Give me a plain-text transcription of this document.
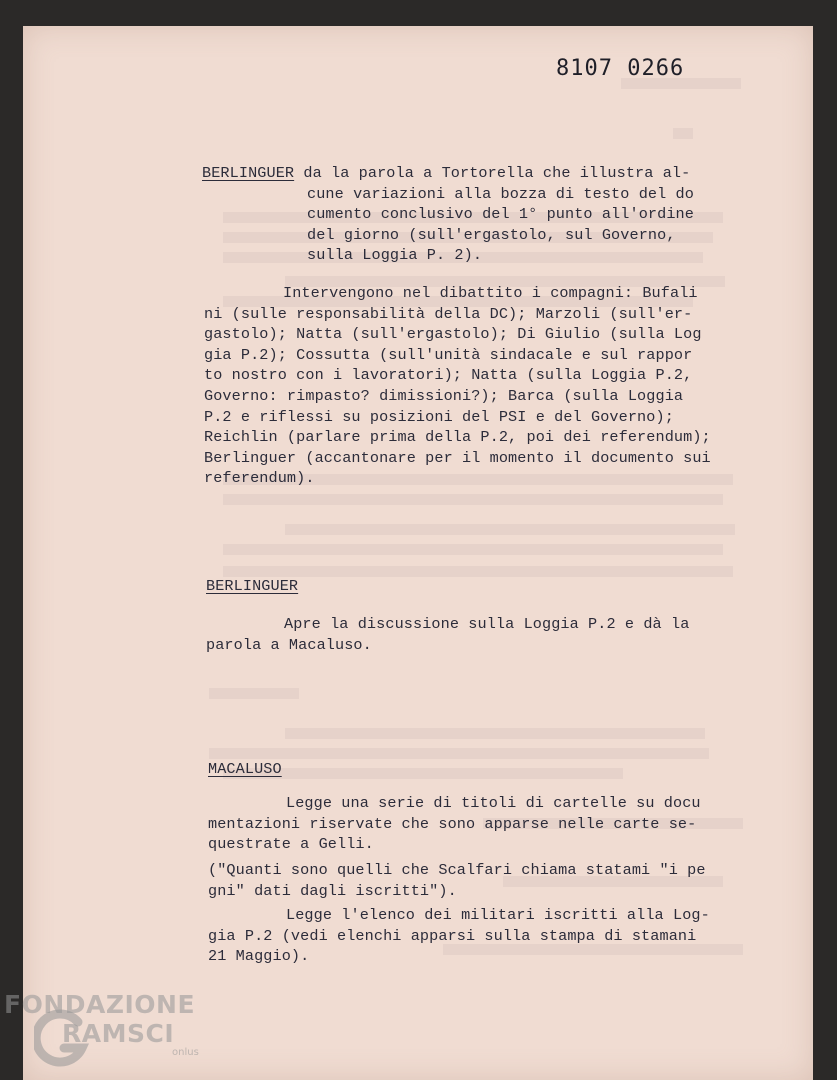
8107 0266
BERLINGUER da la parola a Tortorella che illustra al-
cune variazioni alla bozza di testo del do
cumento conclusivo del 1° punto all'ordine
del giorno (sull'ergastolo, sul Governo,
sulla Loggia P. 2).
Intervengono nel dibattito i compagni: Bufali
ni (sulle responsabilità della DC); Marzoli (sull'er-
gastolo); Natta (sull'ergastolo); Di Giulio (sulla Log
gia P.2); Cossutta (sull'unità sindacale e sul rappor
to nostro con i lavoratori); Natta (sulla Loggia P.2,
Governo: rimpasto? dimissioni?); Barca (sulla Loggia
P.2 e riflessi su posizioni del PSI e del Governo);
Reichlin (parlare prima della P.2, poi dei referendum);
Berlinguer (accantonare per il momento il documento sui
referendum).
BERLINGUER
Apre la discussione sulla Loggia P.2 e dà la
parola a Macaluso.
MACALUSO
Legge una serie di titoli di cartelle su docu
mentazioni riservate che sono apparse nelle carte se-
questrate a Gelli.
("Quanti sono quelli che Scalfari chiama statami "i pe
gni" dati dagli iscritti").
Legge l'elenco dei militari iscritti alla Log-
gia P.2 (vedi elenchi apparsi sulla stampa di stamani
21 Maggio).
FONDAZIONE
RAMSCI
onlus
